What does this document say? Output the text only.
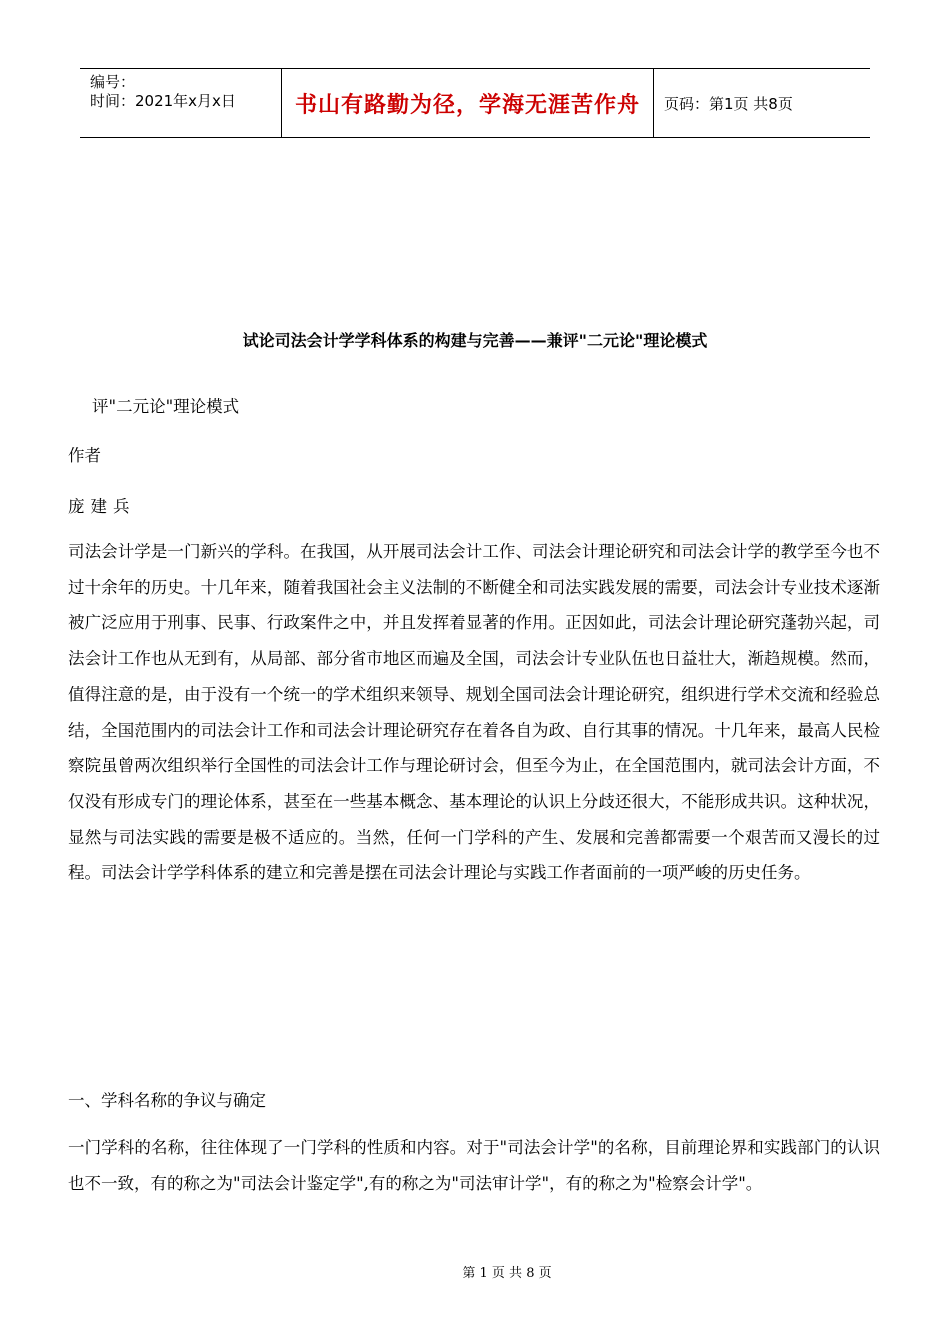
编号：
时间：2021年x月x日	书山有路勤为径，学海无涯苦作舟 页码：第1页 共8页
试论司法会计学学科体系的构建与完善——兼评"二元论"理论模式
评"二元论"理论模式
作者
庞建兵
司法会计学是一门新兴的学科。在我国，从开展司法会计工作、司法会计理论研究和司法会计学的教学至今也不过十余年的历史。十几年来，随着我国社会主义法制的不断健全和司法实践发展的需要，司法会计专业技术逐渐被广泛应用于刑事、民事、行政案件之中，并且发挥着显著的作用。正因如此，司法会计理论研究蓬勃兴起，司法会计工作也从无到有，从局部、部分省市地区而遍及全国，司法会计专业队伍也日益壮大，渐趋规模。然而，值得注意的是，由于没有一个统一的学术组织来领导、规划全国司法会计理论研究，组织进行学术交流和经验总结，全国范围内的司法会计工作和司法会计理论研究存在着各自为政、自行其事的情况。十几年来，最高人民检察院虽曾两次组织举行全国性的司法会计工作与理论研讨会，但至今为止，在全国范围内，就司法会计方面，不仅没有形成专门的理论体系，甚至在一些基本概念、基本理论的认识上分歧还很大，不能形成共识。这种状况，显然与司法实践的需要是极不适应的。当然，任何一门学科的产生、发展和完善都需要一个艰苦而又漫长的过程。司法会计学学科体系的建立和完善是摆在司法会计理论与实践工作者面前的一项严峻的历史任务。
一、学科名称的争议与确定
一门学科的名称，往往体现了一门学科的性质和内容。对于"司法会计学"的名称，目前理论界和实践部门的认识也不一致，有的称之为"司法会计鉴定学",有的称之为"司法审计学"，有的称之为"检察会计学"。
第 1 页 共 8 页
